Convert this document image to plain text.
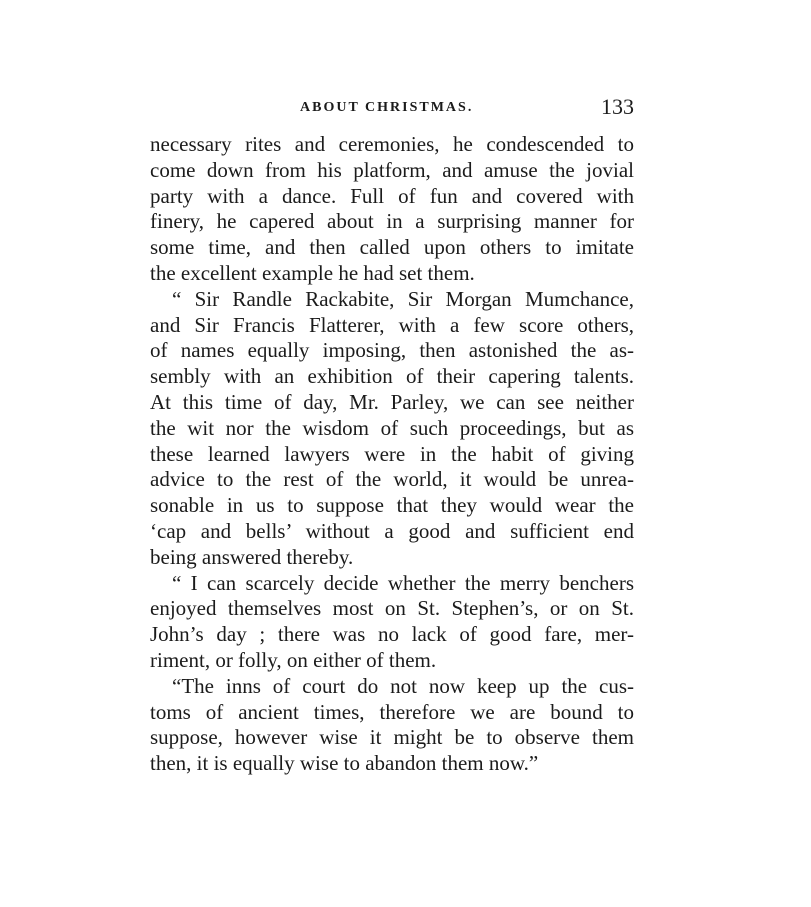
ABOUT CHRISTMAS.	133
necessary rites and ceremonies, he condescended to
come down from his platform, and amuse the jovial
party with a dance. Full of fun and covered with
finery, he capered about in a surprising manner for
some time, and then called upon others to imitate
the excellent example he had set them.
“ Sir Randle Rackabite, Sir Morgan Mumchance,
and Sir Francis Flatterer, with a few score others,
of names equally imposing, then astonished the as-
sembly with an exhibition of their capering talents.
At this time of day, Mr. Parley, we can see neither
the wit nor the wisdom of such proceedings, but as
these learned lawyers were in the habit of giving
advice to the rest of the world, it would be unrea-
sonable in us to suppose that they would wear the
‘cap and bells’ without a good and sufficient end
being answered thereby.
“ I can scarcely decide whether the merry benchers
enjoyed themselves most on St. Stephen’s, or on St.
John’s day ; there was no lack of good fare, mer-
riment, or folly, on either of them.
“The inns of court do not now keep up the cus-
toms of ancient times, therefore we are bound to
suppose, however wise it might be to observe them
then, it is equally wise to abandon them now.”
